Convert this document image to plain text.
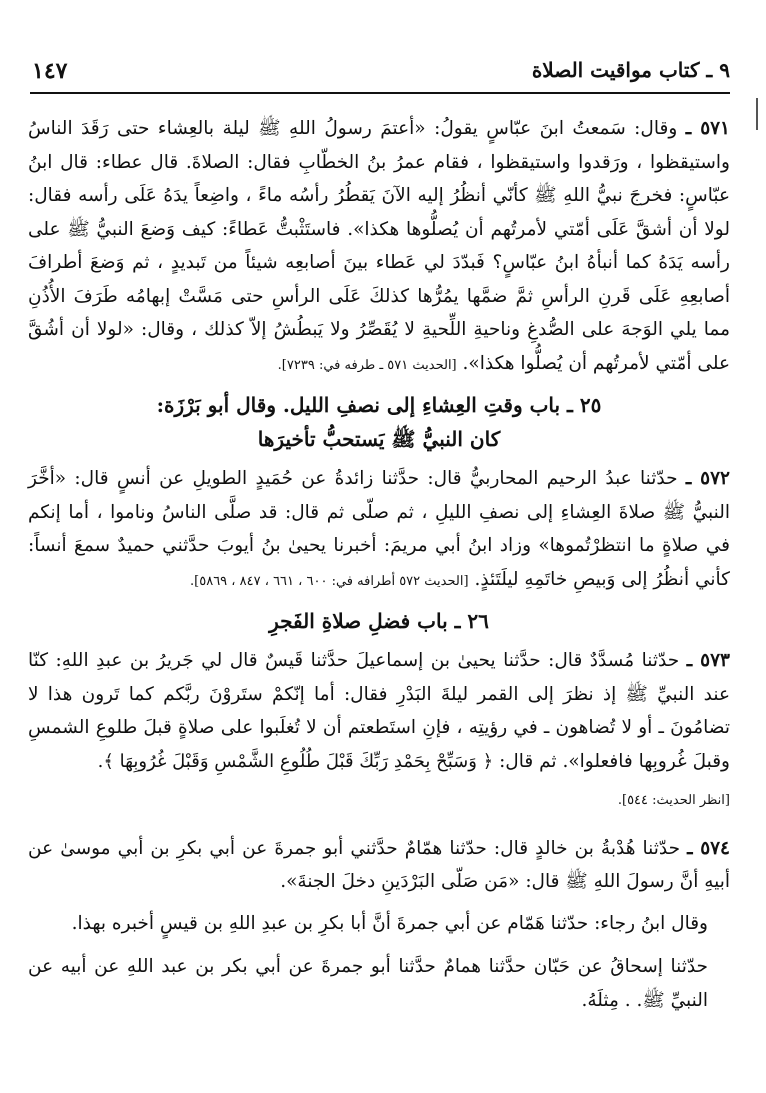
٩ ـ كتاب مواقيت الصلاة
١٤٧

٥٧١ ـ وقال: سَمعتُ ابنَ عبّاسٍ يقولُ: «أعتمَ رسولُ اللهِ ﷺ ليلة بالعِشاء حتى رَقَدَ الناسُ واستيقظوا ، ورَقدوا واستيقظوا ، فقام عمرُ بنُ الخطّابِ فقال: الصلاةَ. قال عطاء: قال ابنُ عبّاسٍ: فخرجَ نبيُّ اللهِ ﷺ كأنّي أنظُرُ إليه الآنَ يَقطُرُ رأسُه ماءً ، واضِعاً يدَهُ عَلَى رأسه فقال: لولا أن أشقَّ عَلَى أمّتي لأمرتُهم أن يُصلُّوها هكذا». فاستَثْبتُّ عَطاءً: كيف وَضعَ النبيُّ ﷺ على رأسه يَدَهُ كما أنبأهُ ابنُ عبّاسٍ؟ فَبدّدَ لي عَطاء بينَ أصابعِه شيئاً من تَبديدٍ ، ثم وَضعَ أطرافَ أصابعِهِ عَلَى قَرنِ الرأسِ ثمَّ ضمَّها يمُرُّها كذلكَ عَلَى الرأسِ حتى مَسَّتْ إبهامُه طَرَفَ الأُذُنِ مما يلي الوَجهَ على الصُّدغِ وناحيةِ اللِّحيةِ لا يُقَصِّرُ ولا يَبطُشُ إلاّ كذلك ، وقال: «لولا أن أشُقَّ على أمّتي لأمرتُهم أن يُصلُّوا هكذا». [الحديث ٥٧١ ـ طرفه في: ٧٢٣٩].

٢٥ ـ باب وقتِ العِشاءِ إلى نصفِ الليل. وقال أبو بَرْزَة:
كان النبيُّ ﷺ يَستحبُّ تأخيرَها

٥٧٢ ـ حدّثنا عبدُ الرحيم المحاربيُّ قال: حدَّثنا زائدةُ عن حُمَيدٍ الطويلِ عن أنسٍ قال: «أخَّرَ النبيُّ ﷺ صلاةَ العِشاءِ إلى نصفِ الليلِ ، ثم صلّى ثم قال: قد صلَّى الناسُ وناموا ، أما إنكم في صلاةٍ ما انتظرْتُموها» وزاد ابنُ أبي مريمَ: أخبرنا يحيىٰ بنُ أيوبَ حدَّثني حميدٌ سمعَ أنساً: كأني أنظُرُ إلى وَبيصِ خاتَمِهِ ليلَتَئذٍ. [الحديث ٥٧٢ أطرافه في: ٦٠٠ ، ٦٦١ ، ٨٤٧ ، ٥٨٦٩].

٢٦ ـ باب فضلِ صلاةِ الفَجرِ

٥٧٣ ـ حدّثنا مُسدَّدٌ قال: حدَّثنا يحيىٰ بن إسماعيلَ حدَّثنا قَيسٌ قال لي جَريرُ بن عبدِ اللهِ: كنّا عند النبيِّ ﷺ إذ نظرَ إلى القمر ليلةَ البَدْرِ فقال: أما إنّكمْ ستَروْنَ ربَّكم كما تَرون هذا لا تضامُونَ ـ أو لا تُضاهون ـ في رؤيتِه ، فإنِ استَطعتم أن لا تُغلَبوا على صلاةٍ قبلَ طلوعِ الشمسِ وقبلَ غُروبِها فافعلوا». ثم قال: ﴿ وَسَبِّحْ بِحَمْدِ رَبِّكَ قَبْلَ طُلُوعِ الشَّمْسِ وَقَبْلَ غُرُوبِهَا ﴾.

[انظر الحديث: ٥٤٤].

٥٧٤ ـ حدّثنا هُدْبةُ بن خالدٍ قال: حدّثنا همّامٌ حدَّثني أبو جمرةَ عن أبي بكرِ بن أبي موسىٰ عن أبيهِ أنَّ رسولَ اللهِ ﷺ قال: «مَن صَلّى البَرْدَينِ دخلَ الجنةَ».

وقال ابنُ رجاء: حدّثنا هَمّام عن أبي جمرةَ أنَّ أبا بكرِ بن عبدِ اللهِ بن قيسٍ أخبره بهذا.

حدّثنا إسحاقُ عن حَبّان حدَّثنا همامٌ حدَّثنا أبو جمرةَ عن أبي بكر بن عبد اللهِ عن أبيه عن النبيِّ ﷺ. . مِثلَهُ.
